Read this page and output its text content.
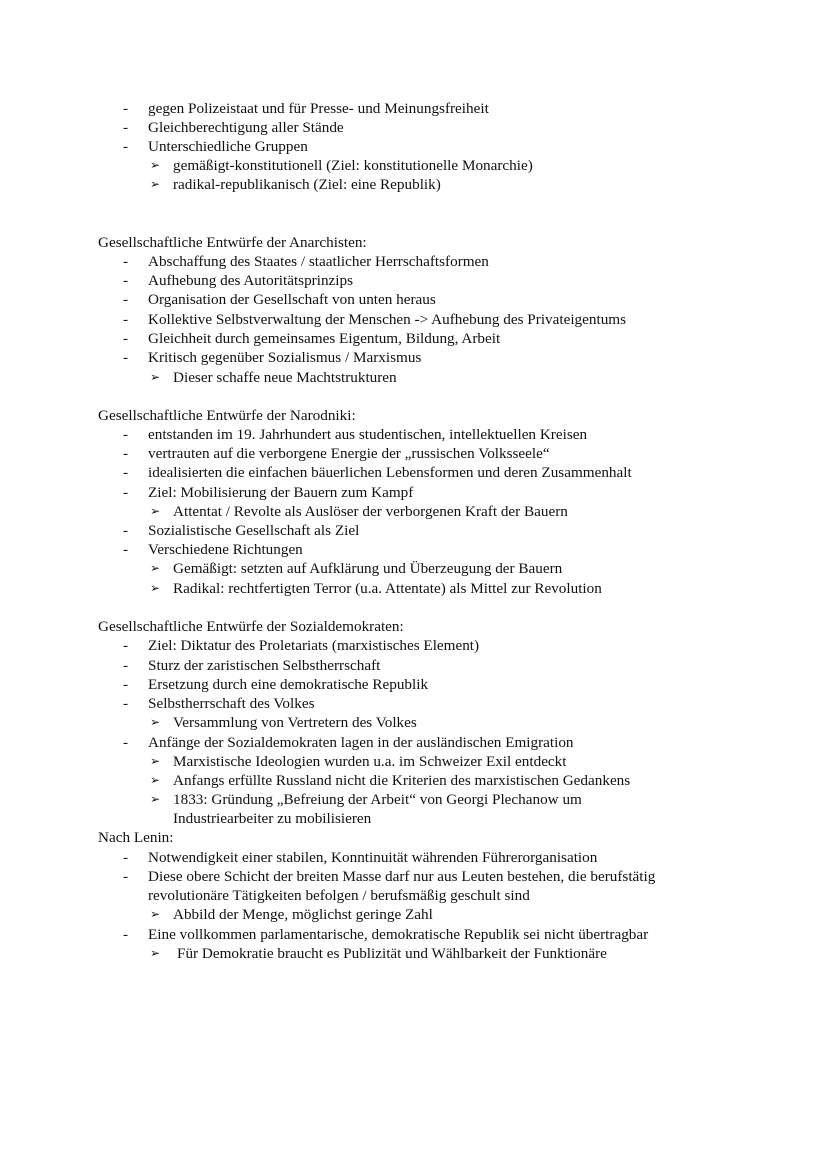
- gegen Polizeistaat und für Presse- und Meinungsfreiheit
- Gleichberechtigung aller Stände
- Unterschiedliche Gruppen
➢ gemäßigt-konstitutionell (Ziel: konstitutionelle Monarchie)
➢ radikal-republikanisch (Ziel: eine Republik)
Gesellschaftliche Entwürfe der Anarchisten:
- Abschaffung des Staates / staatlicher Herrschaftsformen
- Aufhebung des Autoritätsprinzips
- Organisation der Gesellschaft von unten heraus
- Kollektive Selbstverwaltung der Menschen -> Aufhebung des Privateigentums
- Gleichheit durch gemeinsames Eigentum, Bildung, Arbeit
- Kritisch gegenüber Sozialismus / Marxismus
➢ Dieser schaffe neue Machtstrukturen
Gesellschaftliche Entwürfe der Narodniki:
- entstanden im 19. Jahrhundert aus studentischen, intellektuellen Kreisen
- vertrauten auf die verborgene Energie der „russischen Volksseele“
- idealisierten die einfachen bäuerlichen Lebensformen und deren Zusammenhalt
- Ziel: Mobilisierung der Bauern zum Kampf
➢ Attentat / Revolte als Auslöser der verborgenen Kraft der Bauern
- Sozialistische Gesellschaft als Ziel
- Verschiedene Richtungen
➢ Gemäßigt: setzten auf Aufklärung und Überzeugung der Bauern
➢ Radikal: rechtfertigten Terror (u.a. Attentate) als Mittel zur Revolution
Gesellschaftliche Entwürfe der Sozialdemokraten:
- Ziel: Diktatur des Proletariats (marxistisches Element)
- Sturz der zaristischen Selbstherrschaft
- Ersetzung durch eine demokratische Republik
- Selbstherrschaft des Volkes
➢ Versammlung von Vertretern des Volkes
- Anfänge der Sozialdemokraten lagen in der ausländischen Emigration
➢ Marxistische Ideologien wurden u.a. im Schweizer Exil entdeckt
➢ Anfangs erfüllte Russland nicht die Kriterien des marxistischen Gedankens
➢ 1833: Gründung „Befreiung der Arbeit“ von Georgi Plechanow um
Industriearbeiter zu mobilisieren
Nach Lenin:
- Notwendigkeit einer stabilen, Konntinuität währenden Führerorganisation
- Diese obere Schicht der breiten Masse darf nur aus Leuten bestehen, die berufstätig
revolutionäre Tätigkeiten befolgen / berufsmäßig geschult sind
➢ Abbild der Menge, möglichst geringe Zahl
- Eine vollkommen parlamentarische, demokratische Republik sei nicht übertragbar
➢ Für Demokratie braucht es Publizität und Wählbarkeit der Funktionäre
